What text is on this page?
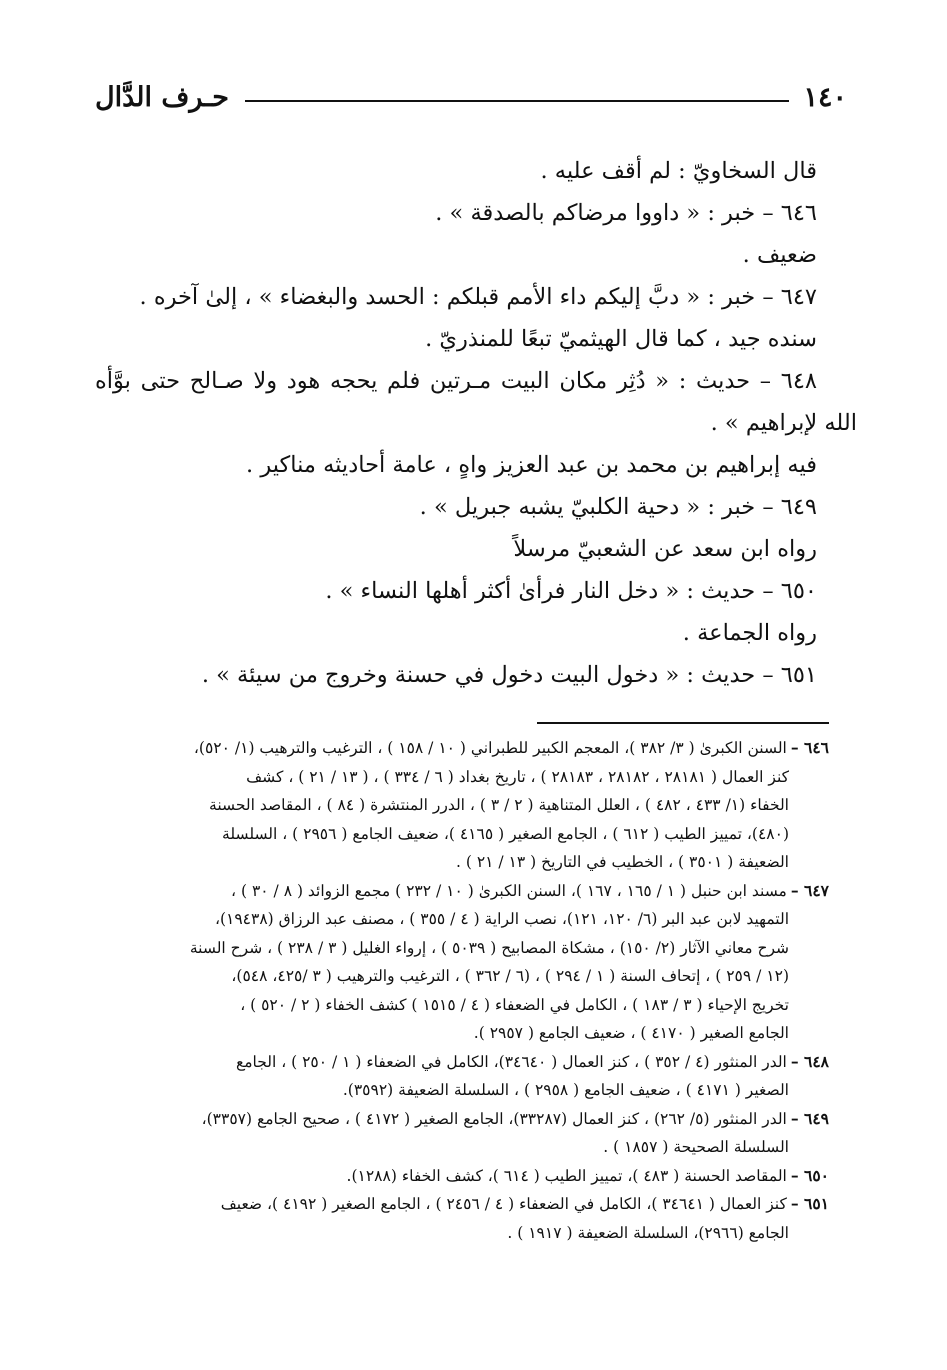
١٤٠
حـرف الدَّال
قال السخاويّ : لم أقف عليه .
٦٤٦ – خبر : « داووا مرضاكم بالصدقة » .
ضعيف .
٦٤٧ – خبر : « دبَّ إليكم داء الأمم قبلكم : الحسد والبغضاء » ، إلىٰ آخره .
سنده جيد ، كما قال الهيثميّ تبعًا للمنذريّ .
٦٤٨ – حديث : « دُثِر مكان البيت مـرتين فلم يحجه هود ولا صـالح حتى بوَّأه
الله لإبراهيم » .
فيه إبراهيم بن محمد بن عبد العزيز واهٍ ، عامة أحاديثه مناكير .
٦٤٩ – خبر : « دحية الكلبيّ يشبه جبريل » .
رواه ابن سعد عن الشعبيّ مرسلاً
٦٥٠ – حديث : « دخل النار فرأىٰ أكثر أهلها النساء » .
رواه الجماعة .
٦٥١ – حديث : « دخول البيت دخول في حسنة وخروج من سيئة » .
٦٤٦ –السنن الكبرىٰ ( ٣/ ٣٨٢ )، المعجم الكبير للطبراني ( ١٠ / ١٥٨ ) ، الترغيب والترهيب (١/ ٥٢٠)،
كنز العمال ( ٢٨١٨١ ، ٢٨١٨٢ ، ٢٨١٨٣ ) ، تاريخ بغداد ( ٦ / ٣٣٤ ) ، ( ١٣ / ٢١ ) ، كشف
الخفاء (١/ ٤٣٣ ، ٤٨٢ ) ، العلل المتناهية ( ٢ / ٣ ) ، الدرر المنتشرة ( ٨٤ ) ، المقاصد الحسنة
(٤٨٠)، تمييز الطيب ( ٦١٢ ) ، الجامع الصغير ( ٤١٦٥ )، ضعيف الجامع ( ٢٩٥٦ ) ، السلسلة
الضعيفة ( ٣٥٠١ ) ، الخطيب في التاريخ ( ١٣ / ٢١ ) .
٦٤٧ –مسند ابن حنبل ( ١ / ١٦٥ ، ١٦٧ )، السنن الكبرىٰ ( ١٠ / ٢٣٢ ) مجمع الزوائد ( ٨ / ٣٠ ) ،
التمهيد لابن عبد البر (٦/ ١٢٠، ١٢١)، نصب الراية ( ٤ / ٣٥٥ ) ، مصنف عبد الرزاق (١٩٤٣٨)،
شرح معاني الآثار (٢/ ١٥٠) ، مشكاة المصابيح ( ٥٠٣٩ ) ، إرواء الغليل ( ٣ / ٢٣٨ ) ، شرح السنة
(١٢ / ٢٥٩ ) ، إتحاف السنة ( ١ / ٢٩٤ ) ، (٦ / ٣٦٢ ) ، الترغيب والترهيب ( ٣ /٤٢٥، ٥٤٨)،
تخريج الإحياء ( ٣ / ١٨٣ ) ، الكامل في الضعفاء ( ٤ / ١٥١٥ ) كشف الخفاء ( ٢ / ٥٢٠ ) ،
الجامع الصغير ( ٤١٧٠ ) ، ضعيف الجامع ( ٢٩٥٧ ).
٦٤٨ –الدر المنثور (٤ / ٣٥٢ ) ، كنز العمال ( ٣٤٦٤٠)، الكامل في الضعفاء ( ١ / ٢٥٠ ) ، الجامع
الصغير ( ٤١٧١ ) ، ضعيف الجامع ( ٢٩٥٨ ) ، السلسلة الضعيفة (٣٥٩٢).
٦٤٩ –الدر المنثور (٥/ ٢٦٢) ، كنز العمال (٣٣٢٨٧)، الجامع الصغير ( ٤١٧٢ ) ، صحيح الجامع (٣٣٥٧)،
السلسلة الصحيحة ( ١٨٥٧ ) .
٦٥٠ –المقاصد الحسنة ( ٤٨٣ )، تمييز الطيب ( ٦١٤ )، كشف الخفاء (١٢٨٨).
٦٥١ –كنز العمال ( ٣٤٦٤١ )، الكامل في الضعفاء ( ٤ / ٢٤٥٦ ) ، الجامع الصغير ( ٤١٩٢ )، ضعيف
الجامع (٢٩٦٦)، السلسلة الضعيفة ( ١٩١٧ ) .
